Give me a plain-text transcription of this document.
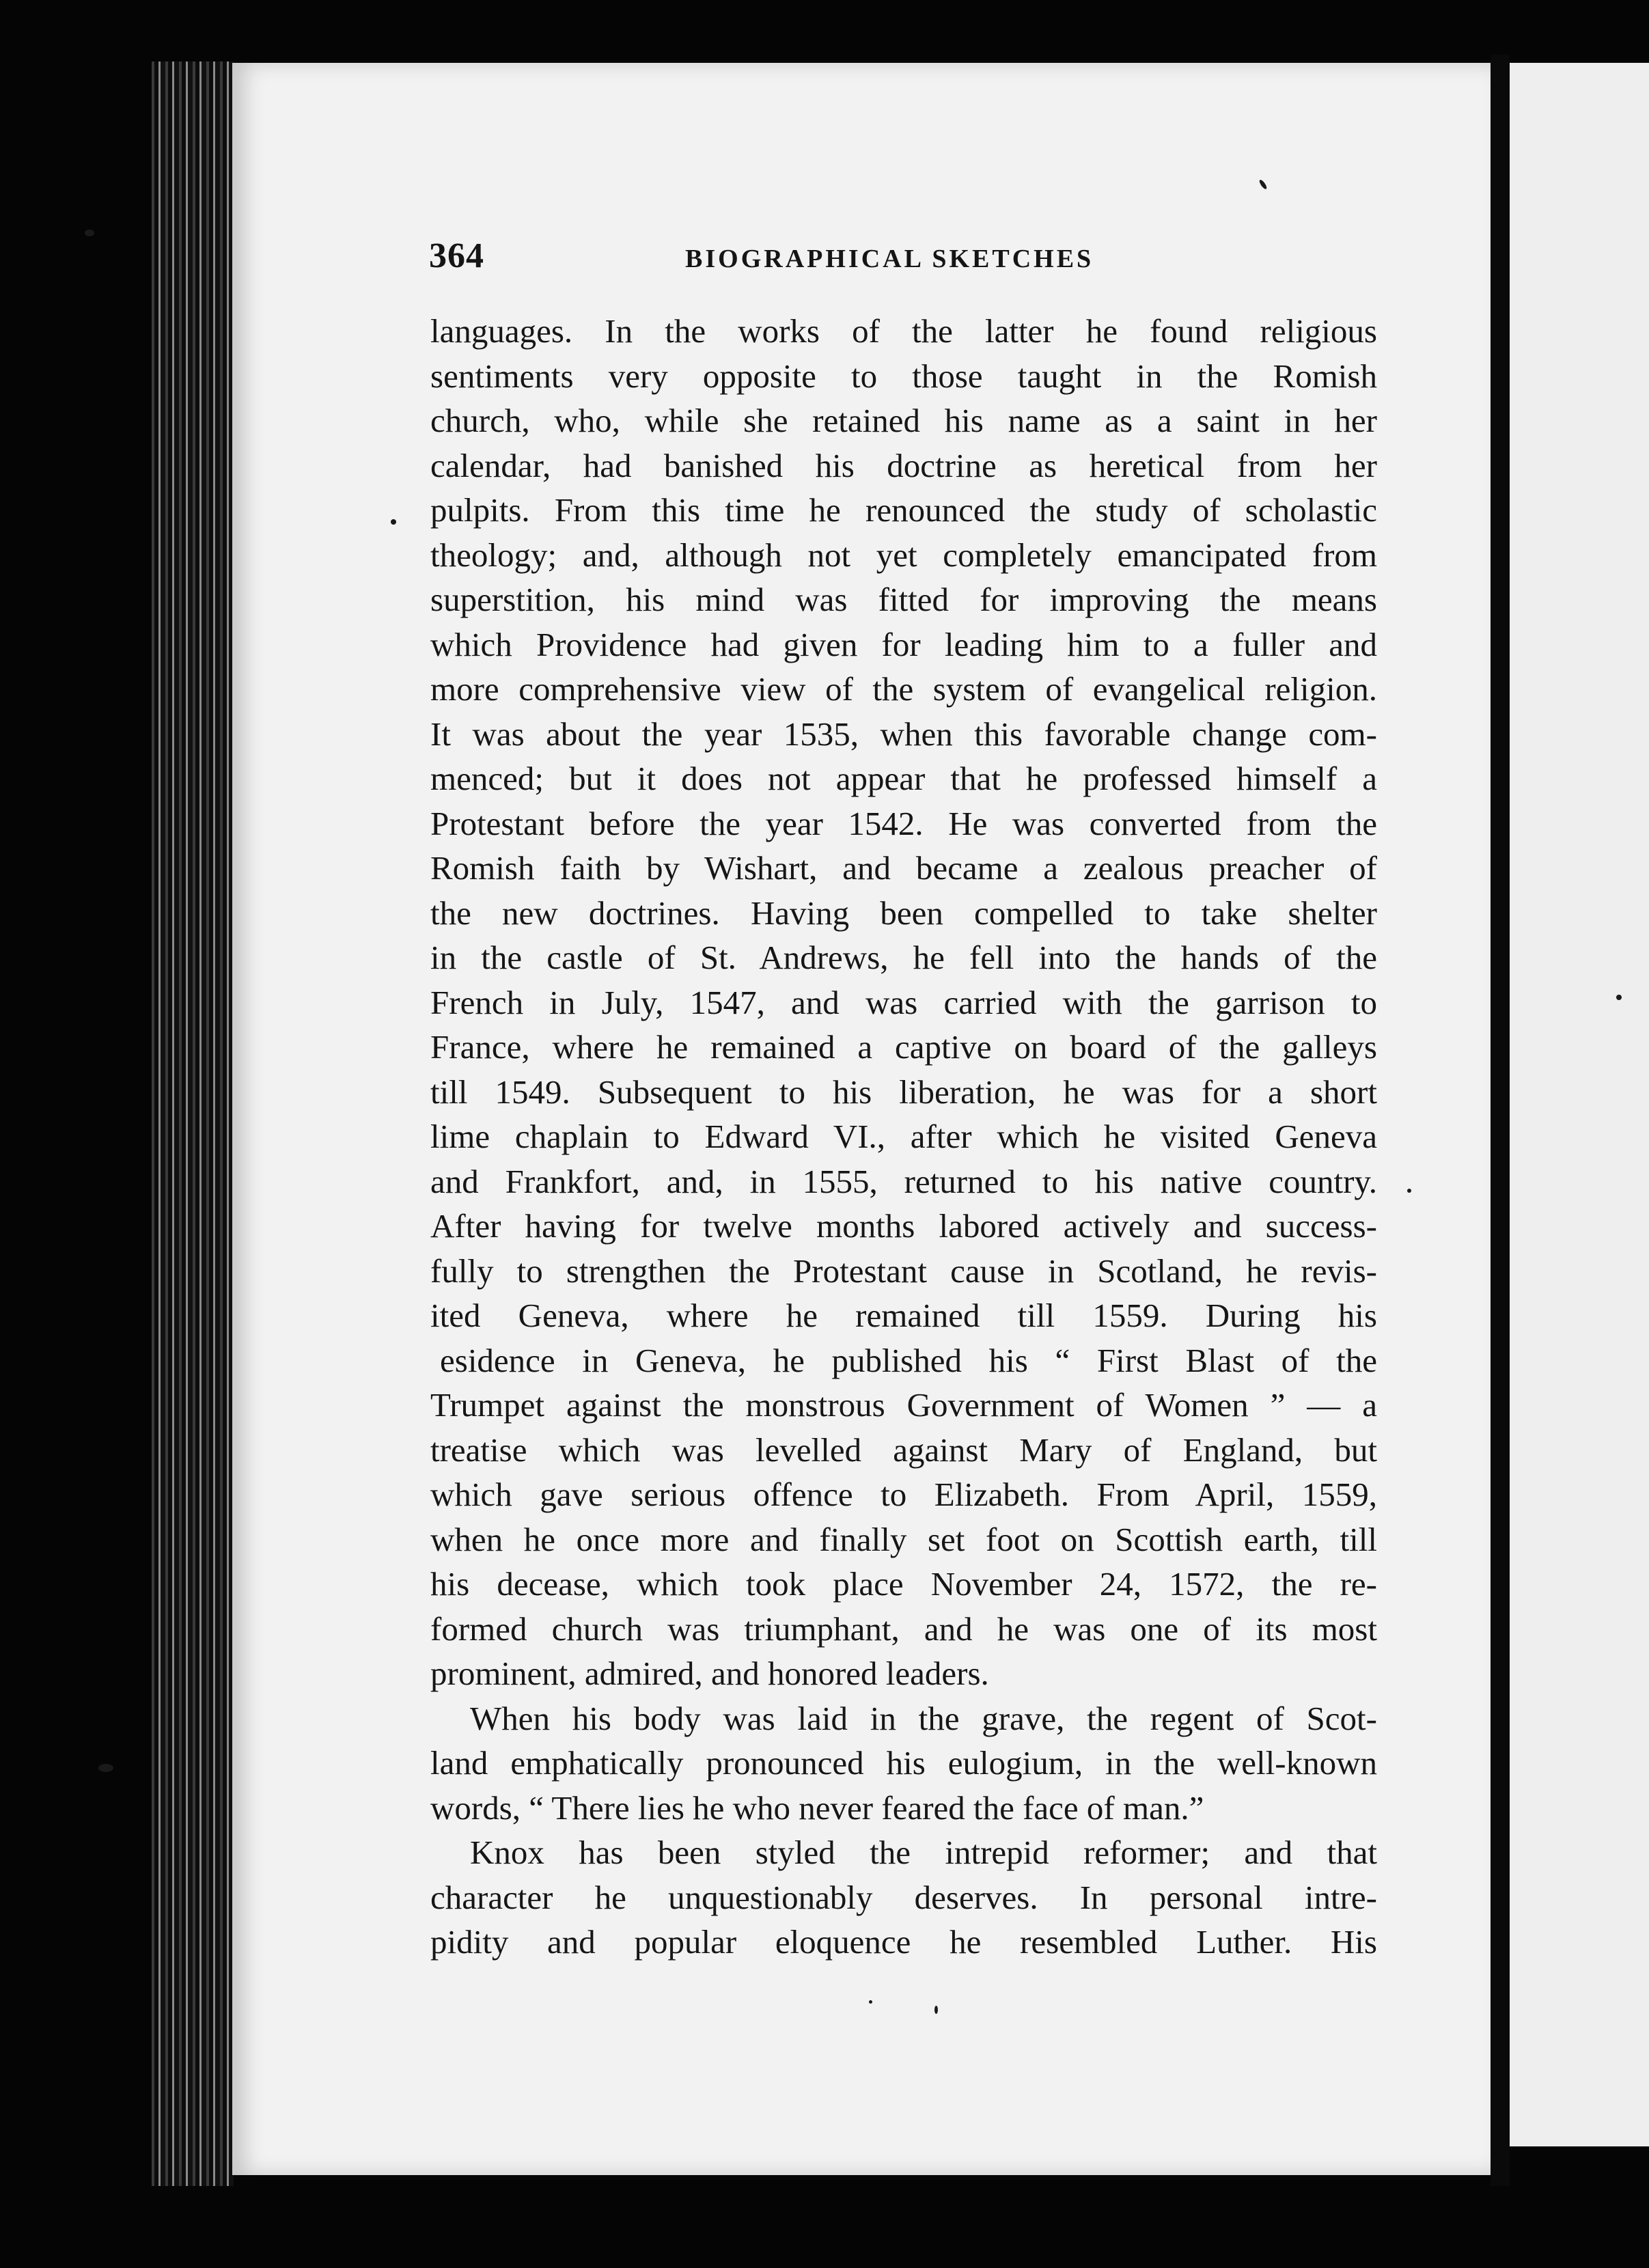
364	BIOGRAPHICAL SKETCHES
languages. In the works of the latter he found religious
sentiments very opposite to those taught in the Romish
church, who, while she retained his name as a saint in her
calendar, had banished his doctrine as heretical from her
pulpits. From this time he renounced the study of scholastic
theology; and, although not yet completely emancipated from
superstition, his mind was fitted for improving the means
which Providence had given for leading him to a fuller and
more comprehensive view of the system of evangelical religion.
It was about the year 1535, when this favorable change com-
menced; but it does not appear that he professed himself a
Protestant before the year 1542. He was converted from the
Romish faith by Wishart, and became a zealous preacher of
the new doctrines. Having been compelled to take shelter
in the castle of St. Andrews, he fell into the hands of the
French in July, 1547, and was carried with the garrison to
France, where he remained a captive on board of the galleys
till 1549. Subsequent to his liberation, he was for a short
lime chaplain to Edward VI., after which he visited Geneva
and Frankfort, and, in 1555, returned to his native country.
After having for twelve months labored actively and success-
fully to strengthen the Protestant cause in Scotland, he revis-
ited Geneva, where he remained till 1559. During his
esidence in Geneva, he published his “ First Blast of the
Trumpet against the monstrous Government of Women ” — a
treatise which was levelled against Mary of England, but
which gave serious offence to Elizabeth. From April, 1559,
when he once more and finally set foot on Scottish earth, till
his decease, which took place November 24, 1572, the re-
formed church was triumphant, and he was one of its most
prominent, admired, and honored leaders.
When his body was laid in the grave, the regent of Scot-
land emphatically pronounced his eulogium, in the well-known
words, “ There lies he who never feared the face of man.”
Knox has been styled the intrepid reformer; and that
character he unquestionably deserves. In personal intre-
pidity and popular eloquence he resembled Luther. His
